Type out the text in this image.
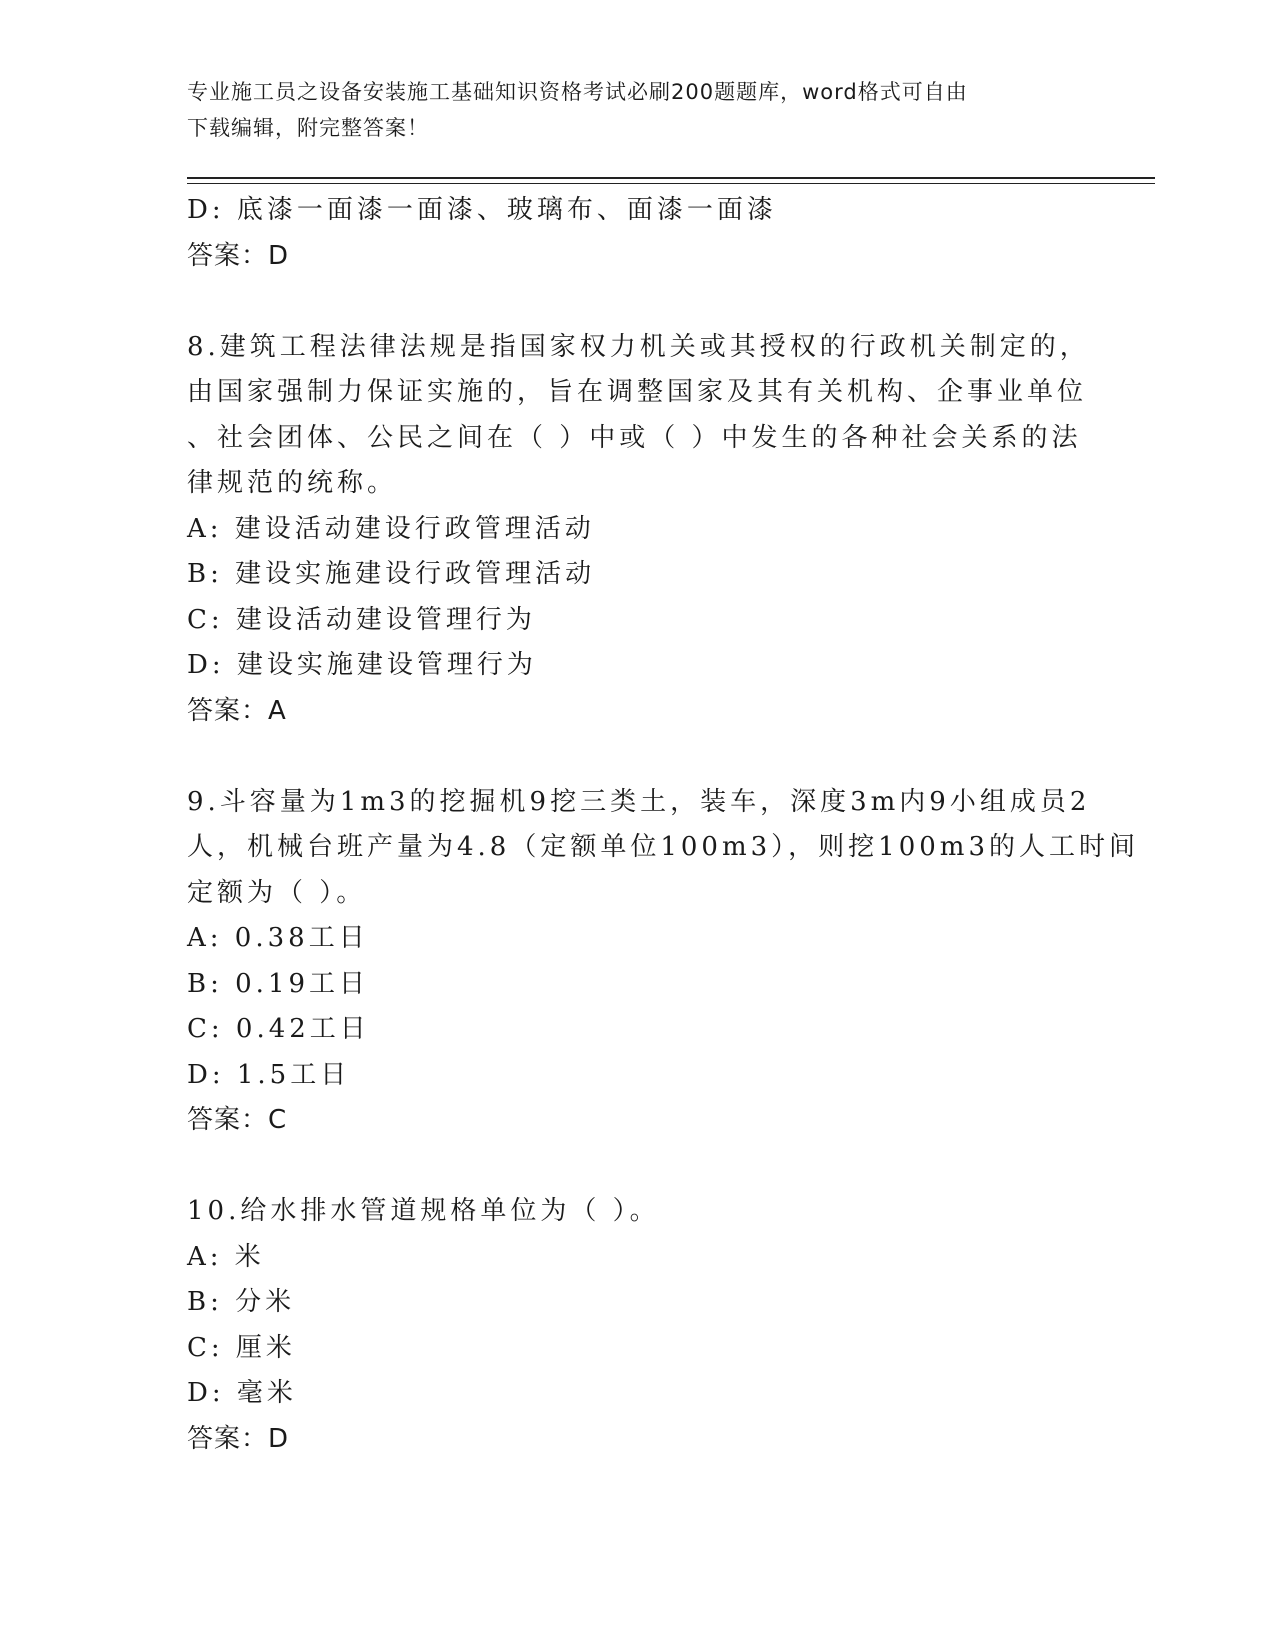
专业施工员之设备安装施工基础知识资格考试必刷200题题库，word格式可自由
下载编辑，附完整答案！
D: 底漆一面漆一面漆、玻璃布、面漆一面漆
答案：D
8.建筑工程法律法规是指国家权力机关或其授权的行政机关制定的，
由国家强制力保证实施的，旨在调整国家及其有关机构、企事业单位
、社会团体、公民之间在（ ）中或（ ）中发生的各种社会关系的法
律规范的统称。
A: 建设活动建设行政管理活动
B: 建设实施建设行政管理活动
C: 建设活动建设管理行为
D: 建设实施建设管理行为
答案：A
9.斗容量为1m3的挖掘机9挖三类土，装车，深度3m内9小组成员2
人，机械台班产量为4.8（定额单位100m3），则挖100m3的人工时间
定额为（ ）。
A: 0.38工日
B: 0.19工日
C: 0.42工日
D: 1.5工日
答案：C
10.给水排水管道规格单位为（ ）。
A: 米
B: 分米
C: 厘米
D: 毫米
答案：D
